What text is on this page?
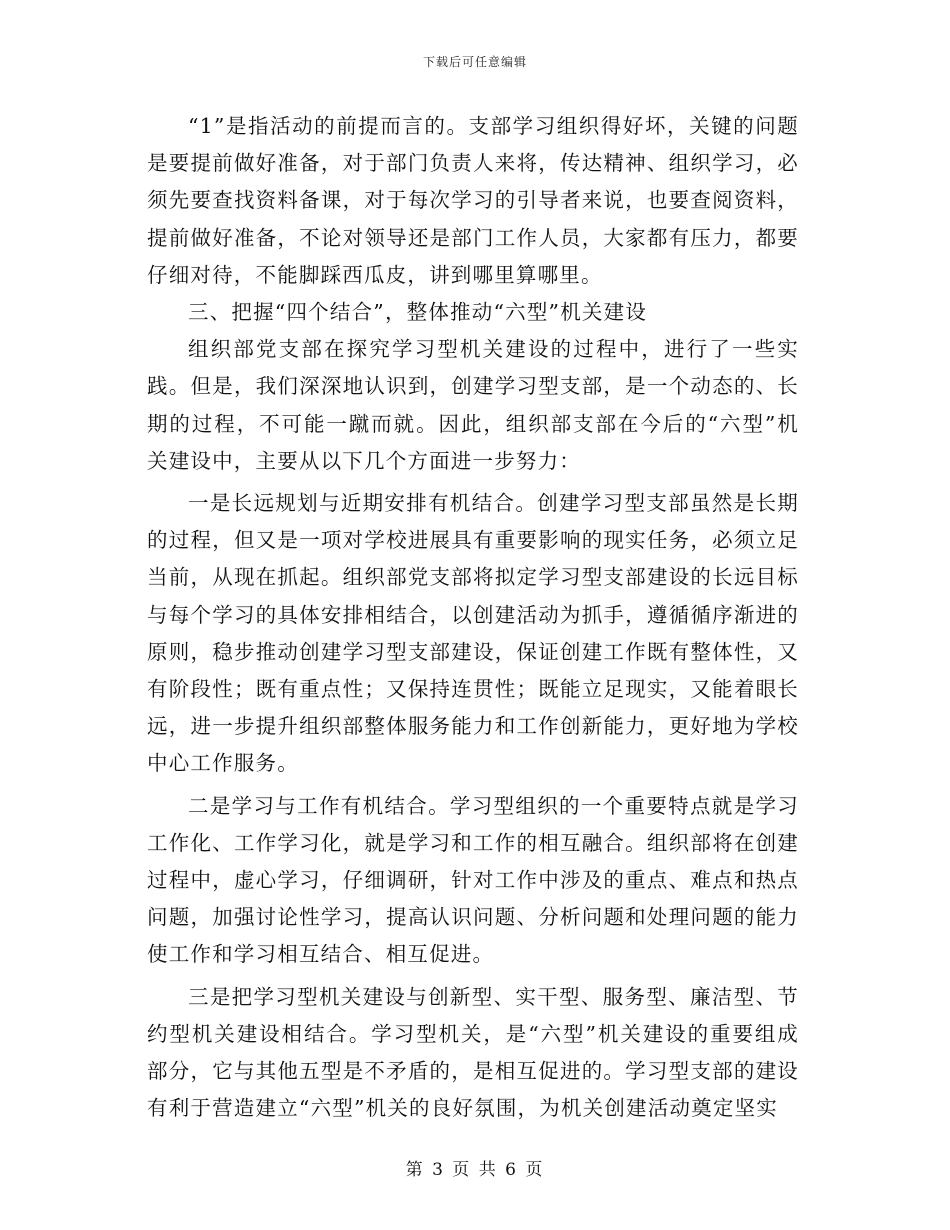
下载后可任意编辑

“1”是指活动的前提而言的。支部学习组织得好坏，关键的问题是要提前做好准备，对于部门负责人来将，传达精神、组织学习，必须先要查找资料备课，对于每次学习的引导者来说，也要查阅资料，提前做好准备，不论对领导还是部门工作人员，大家都有压力，都要仔细对待，不能脚踩西瓜皮，讲到哪里算哪里。

三、把握“四个结合”，整体推动“六型”机关建设

组织部党支部在探究学习型机关建设的过程中，进行了一些实践。但是，我们深深地认识到，创建学习型支部，是一个动态的、长期的过程，不可能一蹴而就。因此，组织部支部在今后的“六型”机关建设中，主要从以下几个方面进一步努力：

一是长远规划与近期安排有机结合。创建学习型支部虽然是长期的过程，但又是一项对学校进展具有重要影响的现实任务，必须立足当前，从现在抓起。组织部党支部将拟定学习型支部建设的长远目标与每个学习的具体安排相结合，以创建活动为抓手，遵循循序渐进的原则，稳步推动创建学习型支部建设，保证创建工作既有整体性，又有阶段性；既有重点性；又保持连贯性；既能立足现实，又能着眼长远，进一步提升组织部整体服务能力和工作创新能力，更好地为学校中心工作服务。

二是学习与工作有机结合。学习型组织的一个重要特点就是学习工作化、工作学习化，就是学习和工作的相互融合。组织部将在创建过程中，虚心学习，仔细调研，针对工作中涉及的重点、难点和热点问题，加强讨论性学习，提高认识问题、分析问题和处理问题的能力使工作和学习相互结合、相互促进。

三是把学习型机关建设与创新型、实干型、服务型、廉洁型、节约型机关建设相结合。学习型机关，是“六型”机关建设的重要组成部分，它与其他五型是不矛盾的，是相互促进的。学习型支部的建设有利于营造建立“六型”机关的良好氛围，为机关创建活动奠定坚实

第 3 页 共 6 页
